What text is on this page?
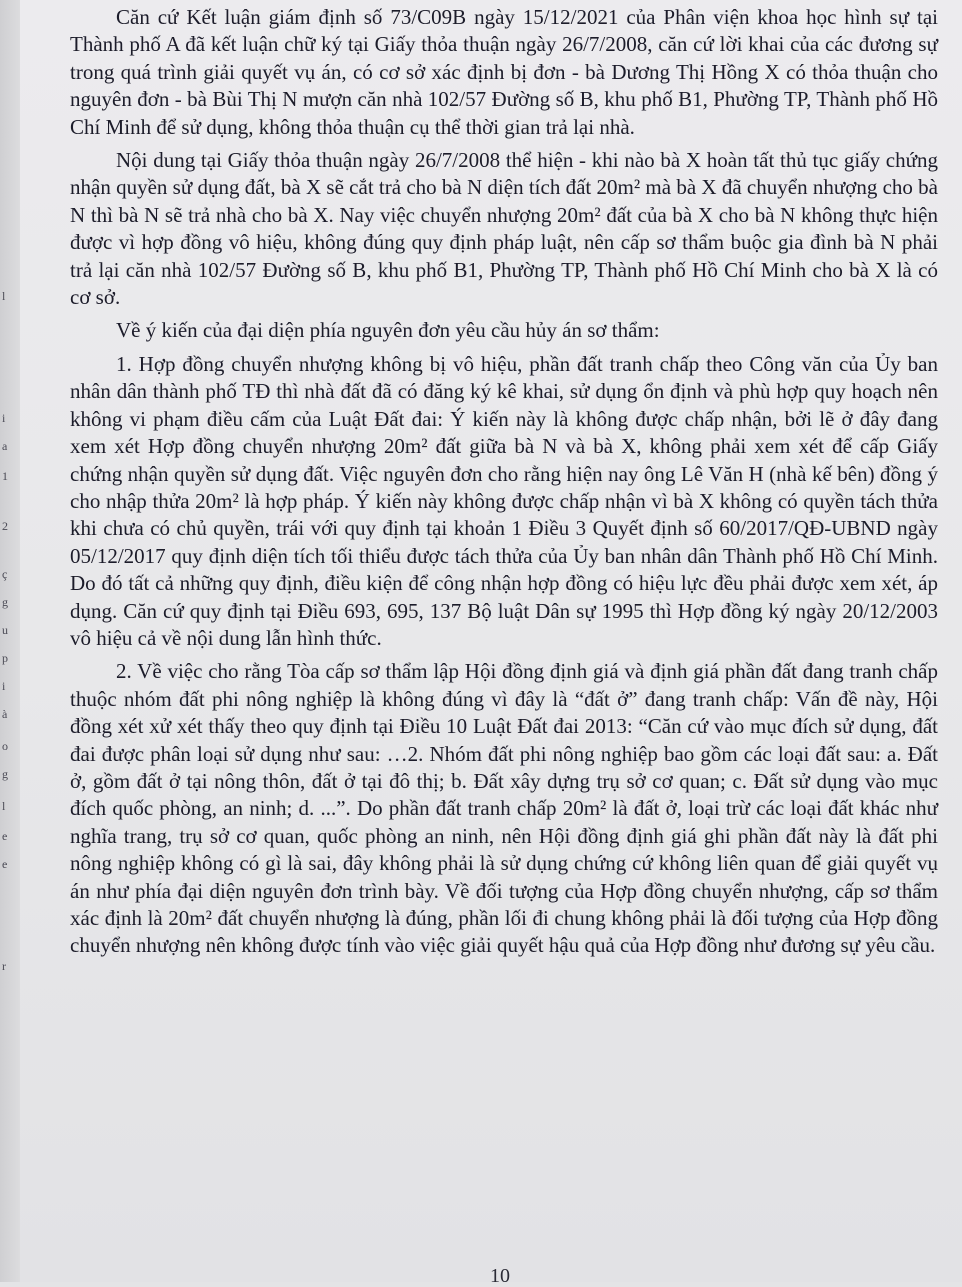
l
i
a
1
2
ç
g
u
p
i
à
o
g
l
e
e
r

Căn cứ Kết luận giám định số 73/C09B ngày 15/12/2021 của Phân viện khoa học hình sự tại Thành phố A đã kết luận chữ ký tại Giấy thỏa thuận ngày 26/7/2008, căn cứ lời khai của các đương sự trong quá trình giải quyết vụ án, có cơ sở xác định bị đơn - bà Dương Thị Hồng X có thỏa thuận cho nguyên đơn - bà Bùi Thị N mượn căn nhà 102/57 Đường số B, khu phố B1, Phường TP, Thành phố Hồ Chí Minh để sử dụng, không thỏa thuận cụ thể thời gian trả lại nhà.

Nội dung tại Giấy thỏa thuận ngày 26/7/2008 thể hiện - khi nào bà X hoàn tất thủ tục giấy chứng nhận quyền sử dụng đất, bà X sẽ cắt trả cho bà N diện tích đất 20m² mà bà X đã chuyển nhượng cho bà N thì bà N sẽ trả nhà cho bà X. Nay việc chuyển nhượng 20m² đất của bà X cho bà N không thực hiện được vì hợp đồng vô hiệu, không đúng quy định pháp luật, nên cấp sơ thẩm buộc gia đình bà N phải trả lại căn nhà 102/57 Đường số B, khu phố B1, Phường TP, Thành phố Hồ Chí Minh cho bà X là có cơ sở.

Về ý kiến của đại diện phía nguyên đơn yêu cầu hủy án sơ thẩm:

1. Hợp đồng chuyển nhượng không bị vô hiệu, phần đất tranh chấp theo Công văn của Ủy ban nhân dân thành phố TĐ thì nhà đất đã có đăng ký kê khai, sử dụng ổn định và phù hợp quy hoạch nên không vi phạm điều cấm của Luật Đất đai: Ý kiến này là không được chấp nhận, bởi lẽ ở đây đang xem xét Hợp đồng chuyển nhượng 20m² đất giữa bà N và bà X, không phải xem xét để cấp Giấy chứng nhận quyền sử dụng đất. Việc nguyên đơn cho rằng hiện nay ông Lê Văn H (nhà kế bên) đồng ý cho nhập thửa 20m² là hợp pháp. Ý kiến này không được chấp nhận vì bà X không có quyền tách thửa khi chưa có chủ quyền, trái với quy định tại khoản 1 Điều 3 Quyết định số 60/2017/QĐ-UBND ngày 05/12/2017 quy định diện tích tối thiểu được tách thửa của Ủy ban nhân dân Thành phố Hồ Chí Minh. Do đó tất cả những quy định, điều kiện để công nhận hợp đồng có hiệu lực đều phải được xem xét, áp dụng. Căn cứ quy định tại Điều 693, 695, 137 Bộ luật Dân sự 1995 thì Hợp đồng ký ngày 20/12/2003 vô hiệu cả về nội dung lẫn hình thức.

2. Về việc cho rằng Tòa cấp sơ thẩm lập Hội đồng định giá và định giá phần đất đang tranh chấp thuộc nhóm đất phi nông nghiệp là không đúng vì đây là “đất ở” đang tranh chấp: Vấn đề này, Hội đồng xét xử xét thấy theo quy định tại Điều 10 Luật Đất đai 2013: “Căn cứ vào mục đích sử dụng, đất đai được phân loại sử dụng như sau: …2. Nhóm đất phi nông nghiệp bao gồm các loại đất sau: a. Đất ở, gồm đất ở tại nông thôn, đất ở tại đô thị; b. Đất xây dựng trụ sở cơ quan; c. Đất sử dụng vào mục đích quốc phòng, an ninh; d. ...”. Do phần đất tranh chấp 20m² là đất ở, loại trừ các loại đất khác như nghĩa trang, trụ sở cơ quan, quốc phòng an ninh, nên Hội đồng định giá ghi phần đất này là đất phi nông nghiệp không có gì là sai, đây không phải là sử dụng chứng cứ không liên quan để giải quyết vụ án như phía đại diện nguyên đơn trình bày. Về đối tượng của Hợp đồng chuyển nhượng, cấp sơ thẩm xác định là 20m² đất chuyển nhượng là đúng, phần lối đi chung không phải là đối tượng của Hợp đồng chuyển nhượng nên không được tính vào việc giải quyết hậu quả của Hợp đồng như đương sự yêu cầu.

10
